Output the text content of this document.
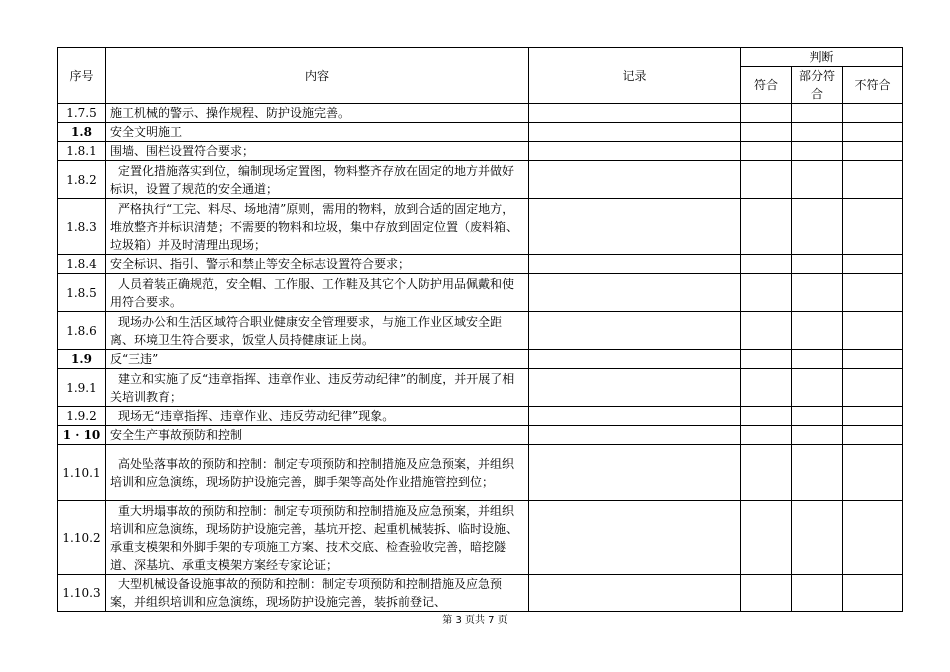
序号	内容	记录	判断		
			符合	部分符合	不符合
1.7.5	施工机械的警示、操作规程、防护设施完善。				
1.8	安全文明施工				
1.8.1	围墙、围栏设置符合要求；				
1.8.2	定置化措施落实到位，编制现场定置图，物料整齐存放在固定的地方并做好标识，设置了规范的安全通道；				
1.8.3	严格执行“工完、料尽、场地清”原则，需用的物料，放到合适的固定地方，堆放整齐并标识清楚；不需要的物料和垃圾，集中存放到固定位置（废料箱、垃圾箱）并及时清理出现场；				
1.8.4	安全标识、指引、警示和禁止等安全标志设置符合要求；				
1.8.5	人员着装正确规范，安全帽、工作服、工作鞋及其它个人防护用品佩戴和使用符合要求。				
1.8.6	现场办公和生活区域符合职业健康安全管理要求，与施工作业区域安全距离、环境卫生符合要求，饭堂人员持健康证上岗。				
1.9	反“三违”				
1.9.1	建立和实施了反“违章指挥、违章作业、违反劳动纪律”的制度，并开展了相关培训教育；				
1.9.2	现场无“违章指挥、违章作业、违反劳动纪律”现象。				
1 · 10	安全生产事故预防和控制				
1.10.1	高处坠落事故的预防和控制：制定专项预防和控制措施及应急预案，并组织培训和应急演练，现场防护设施完善，脚手架等高处作业措施管控到位；				
1.10.2	重大坍塌事故的预防和控制：制定专项预防和控制措施及应急预案，并组织培训和应急演练，现场防护设施完善，基坑开挖、起重机械装拆、临时设施、承重支模架和外脚手架的专项施工方案、技术交底、检查验收完善，暗挖隧道、深基坑、承重支模架方案经专家论证；				
1.10.3	大型机械设备设施事故的预防和控制：制定专项预防和控制措施及应急预案，并组织培训和应急演练，现场防护设施完善，装拆前登记、				
第 3 页共 7 页
